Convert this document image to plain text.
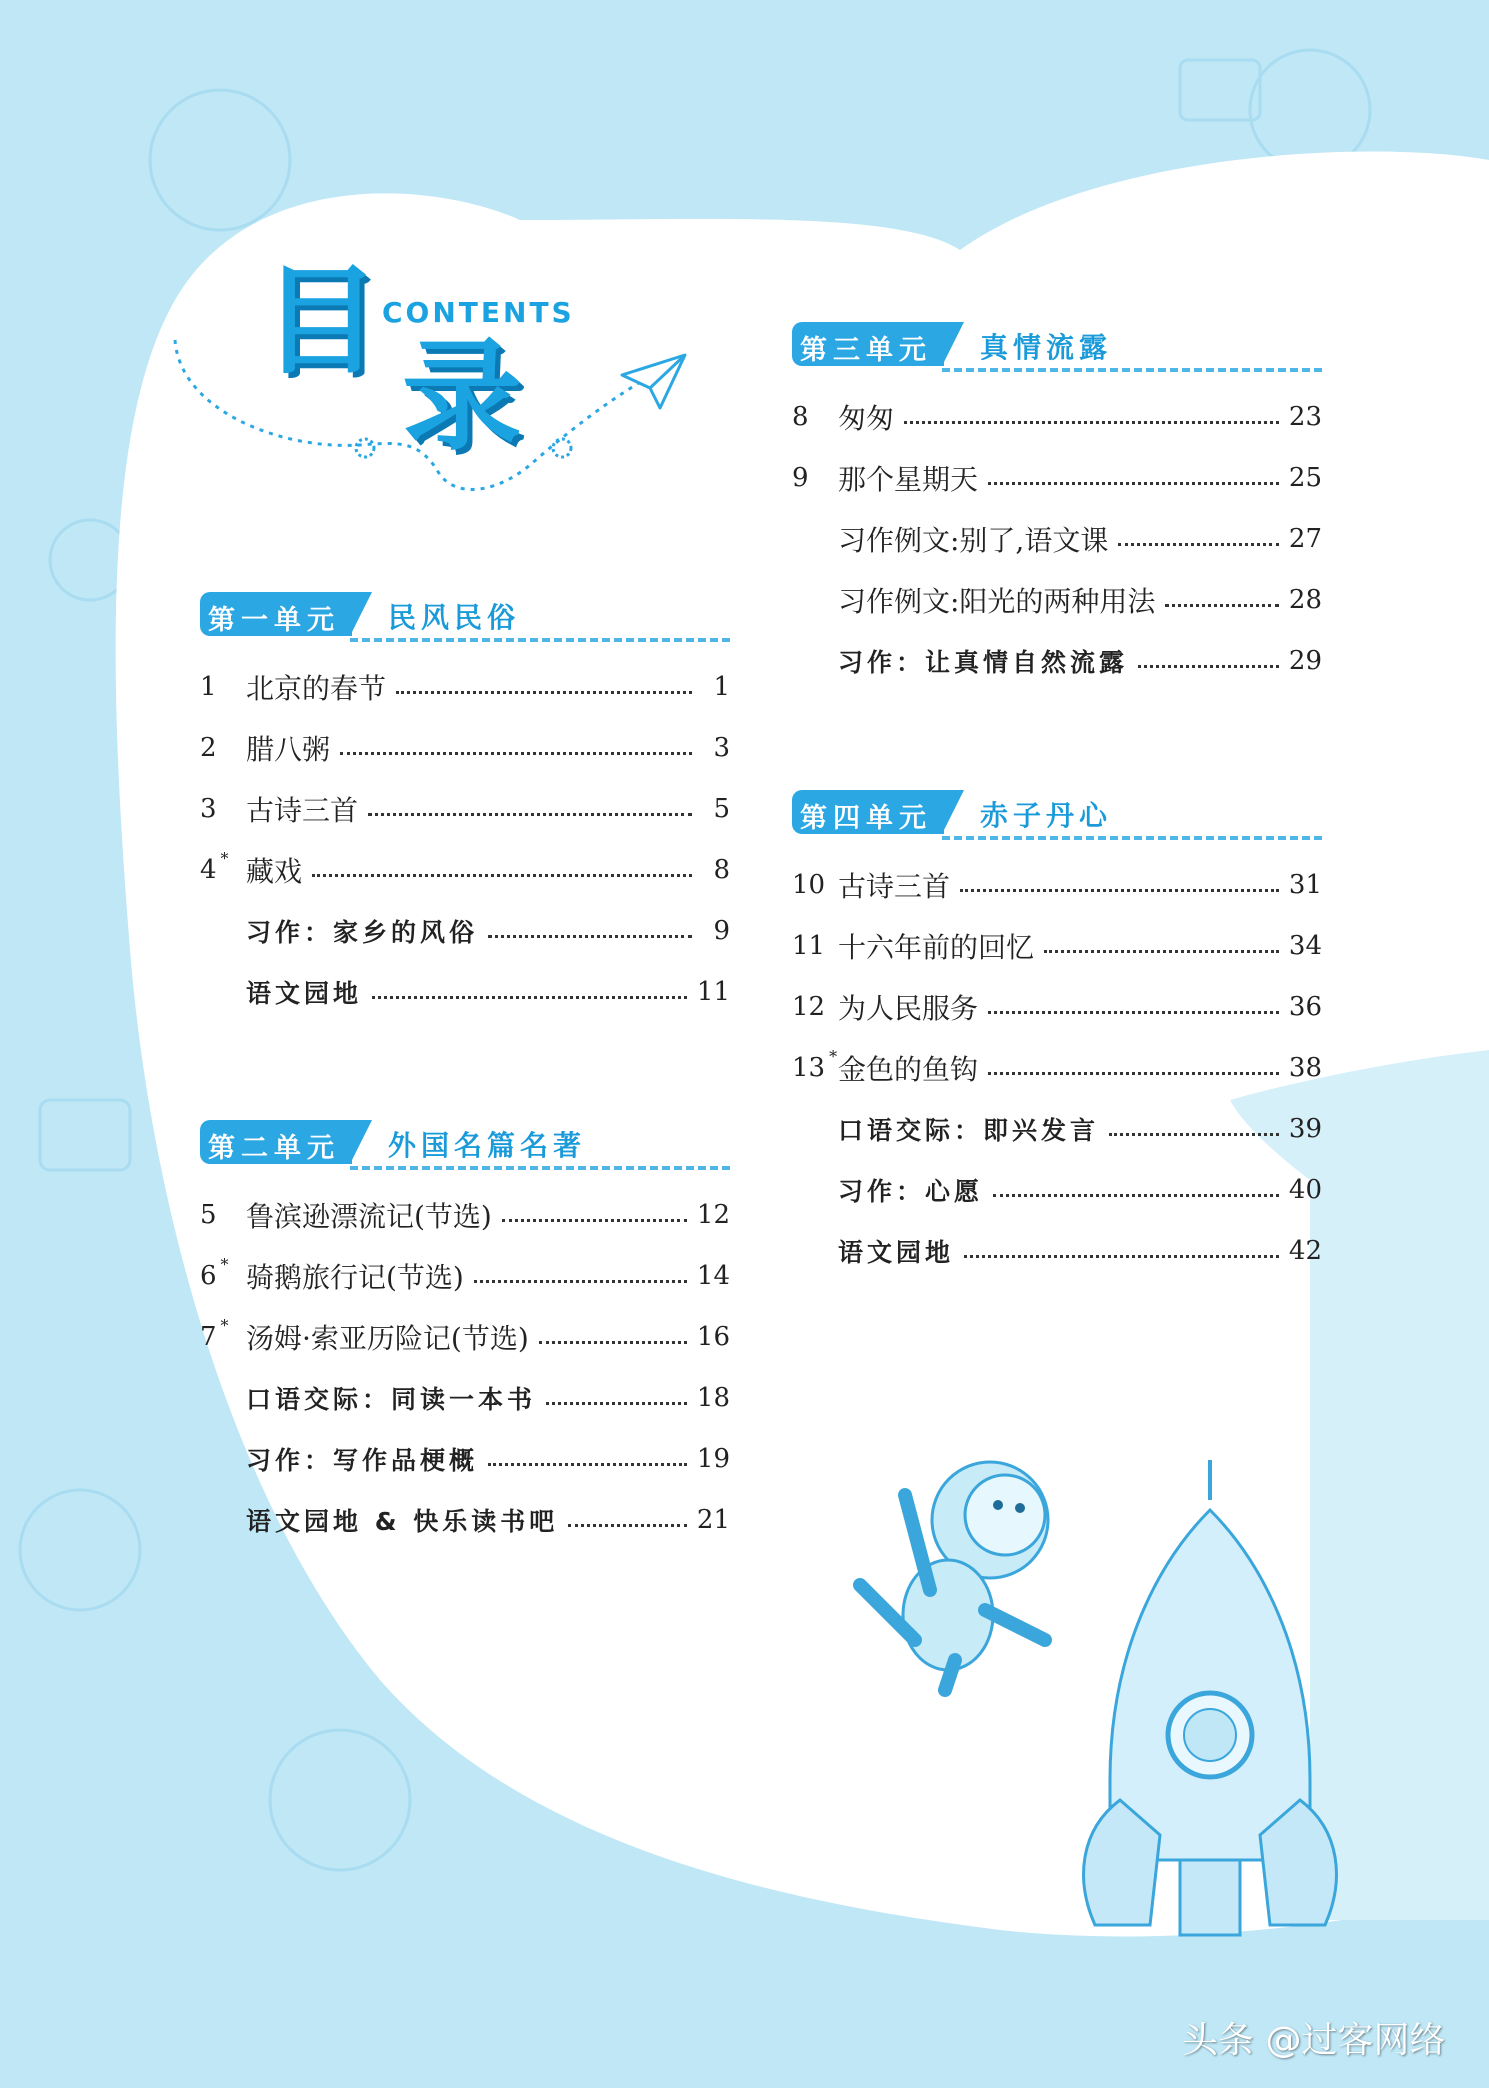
目
录
CONTENTS
第一单元 民风民俗
1	北京的春节	1
2	腊八粥	3
3	古诗三首	5
4 * 藏戏	8
习作：家乡的风俗	9
语文园地	11
第二单元 外国名篇名著
5	鲁滨逊漂流记(节选)	12
6 * 骑鹅旅行记(节选)	14
7 * 汤姆·索亚历险记(节选)	16
口语交际：同读一本书	18
习作：写作品梗概	19
语文园地 & 快乐读书吧	21
第三单元 真情流露
8	匆匆	23
9	那个星期天	25
习作例文:别了,语文课	27
习作例文:阳光的两种用法	28
习作：让真情自然流露	29
第四单元 赤子丹心
10 古诗三首	31
11 十六年前的回忆	34
12 为人民服务	36
13 * 金色的鱼钩	38
口语交际：即兴发言	39
习作：心愿	40
语文园地	42
头条 @过客网络
